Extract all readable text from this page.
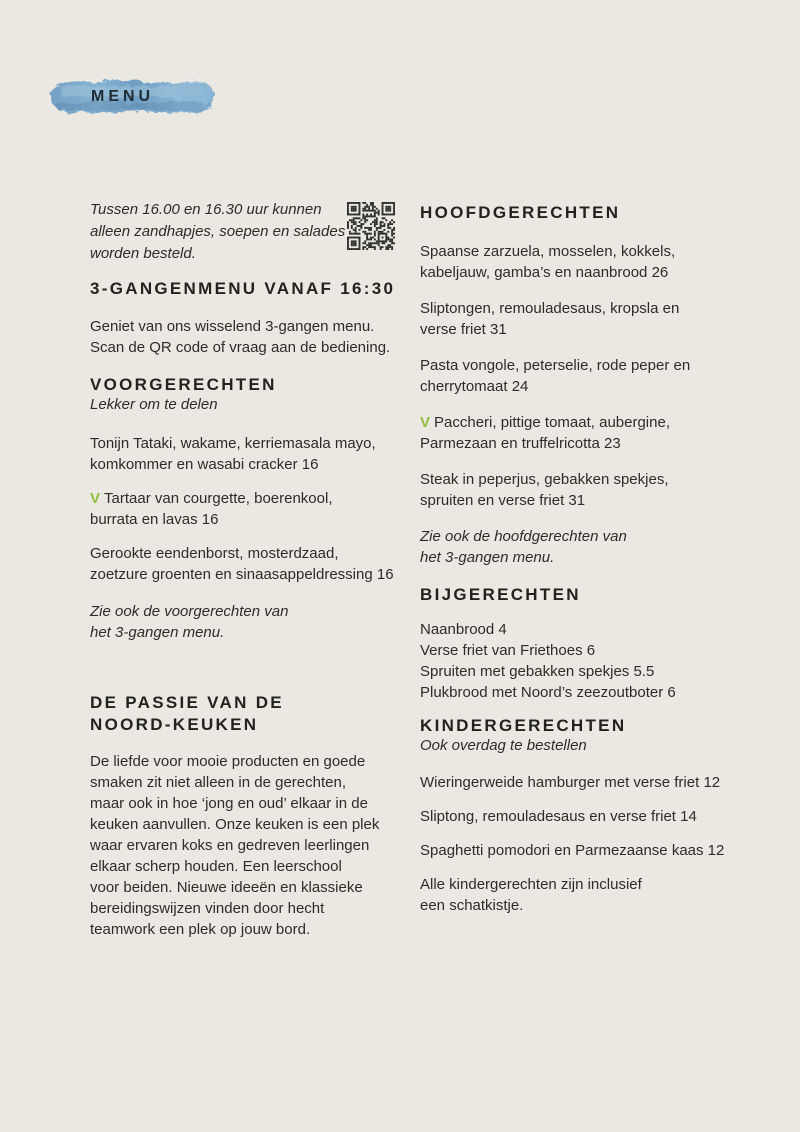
MENU

Tussen 16.00 en 16.30 uur kunnen
alleen zandhapjes, soepen en salades
worden besteld.

3-GANGENMENU VANAF 16:30

Geniet van ons wisselend 3-gangen menu.
Scan de QR code of vraag aan de bediening.

VOORGERECHTEN

Lekker om te delen

Tonijn Tataki, wakame, kerriemasala mayo,
komkommer en wasabi cracker 16
V Tartaar van courgette, boerenkool,
burrata en lavas 16
Gerookte eendenborst, mosterdzaad,
zoetzure groenten en sinaasappeldressing 16

Zie ook de voorgerechten van
het 3-gangen menu.

DE PASSIE VAN DE
NOORD-KEUKEN

De liefde voor mooie producten en goede
smaken zit niet alleen in de gerechten,
maar ook in hoe ‘jong en oud’ elkaar in de
keuken aanvullen. Onze keuken is een plek
waar ervaren koks en gedreven leerlingen
elkaar scherp houden. Een leerschool
voor beiden. Nieuwe ideeën en klassieke
bereidingswijzen vinden door hecht
teamwork een plek op jouw bord.

HOOFDGERECHTEN
Spaanse zarzuela, mosselen, kokkels,
kabeljauw, gamba’s en naanbrood 26
Sliptongen, remouladesaus, kropsla en
verse friet 31
Pasta vongole, peterselie, rode peper en
cherrytomaat 24
V Paccheri, pittige tomaat, aubergine,
Parmezaan en truffelricotta 23
Steak in peperjus, gebakken spekjes,
spruiten en verse friet 31

Zie ook de hoofdgerechten van
het 3-gangen menu.

BIJGERECHTEN

Naanbrood 4
Verse friet van Friethoes 6
Spruiten met gebakken spekjes 5.5
Plukbrood met Noord’s zeezoutboter 6

KINDERGERECHTEN

Ook overdag te bestellen

Wieringerweide hamburger met verse friet 12
Sliptong, remouladesaus en verse friet 14
Spaghetti pomodori en Parmezaanse kaas 12

Alle kindergerechten zijn inclusief
een schatkistje.
